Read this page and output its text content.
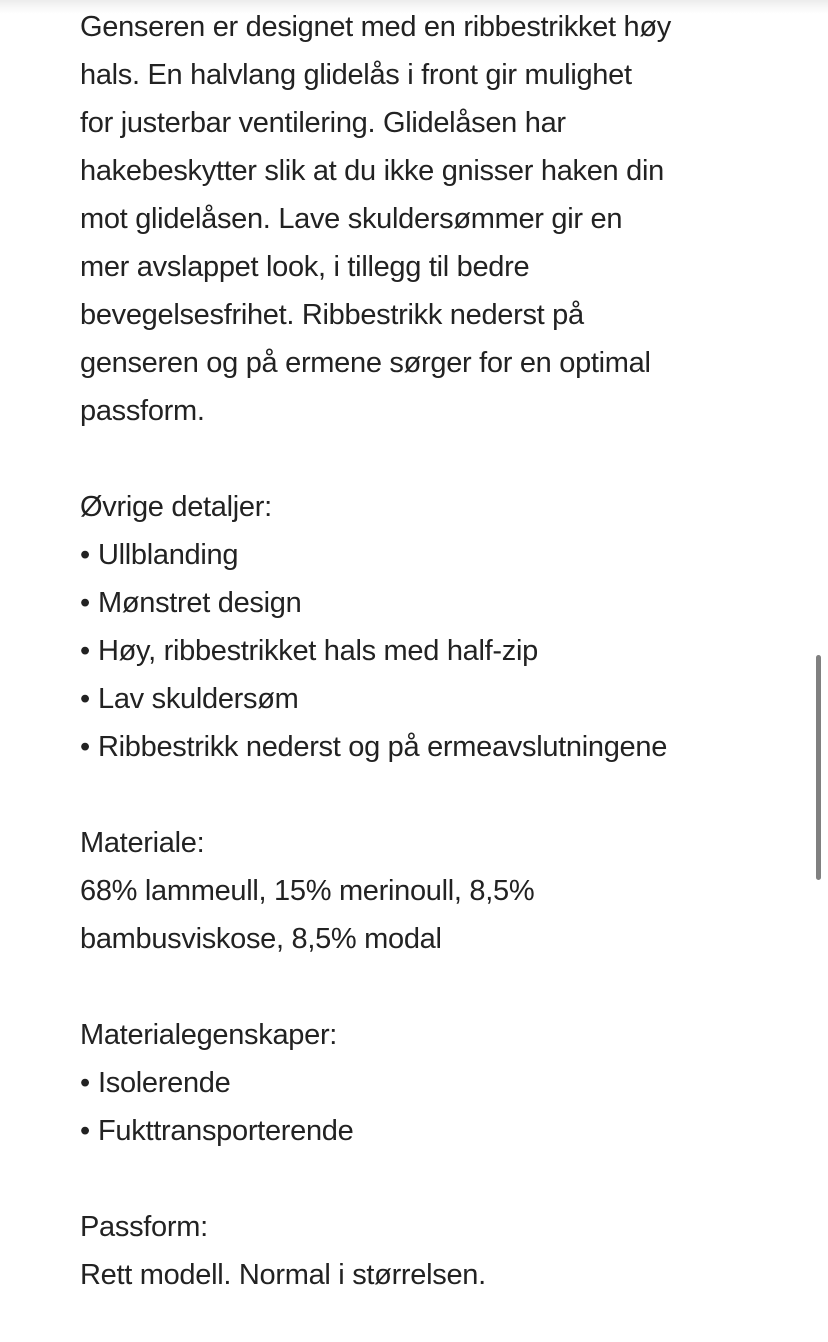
Genseren er designet med en ribbestrikket høy

hals. En halvlang glidelås i front gir mulighet

for justerbar ventilering. Glidelåsen har

hakebeskytter slik at du ikke gnisser haken din

mot glidelåsen. Lave skuldersømmer gir en

mer avslappet look, i tillegg til bedre

bevegelsesfrihet. Ribbestrikk nederst på

genseren og på ermene sørger for en optimal

passform.

Øvrige detaljer:

• Ullblanding

• Mønstret design

• Høy, ribbestrikket hals med half-zip

• Lav skuldersøm

• Ribbestrikk nederst og på ermeavslutningene

Materiale:

68% lammeull, 15% merinoull, 8,5%

bambusviskose, 8,5% modal

Materialegenskaper:

• Isolerende

• Fukttransporterende

Passform:

Rett modell. Normal i størrelsen.
